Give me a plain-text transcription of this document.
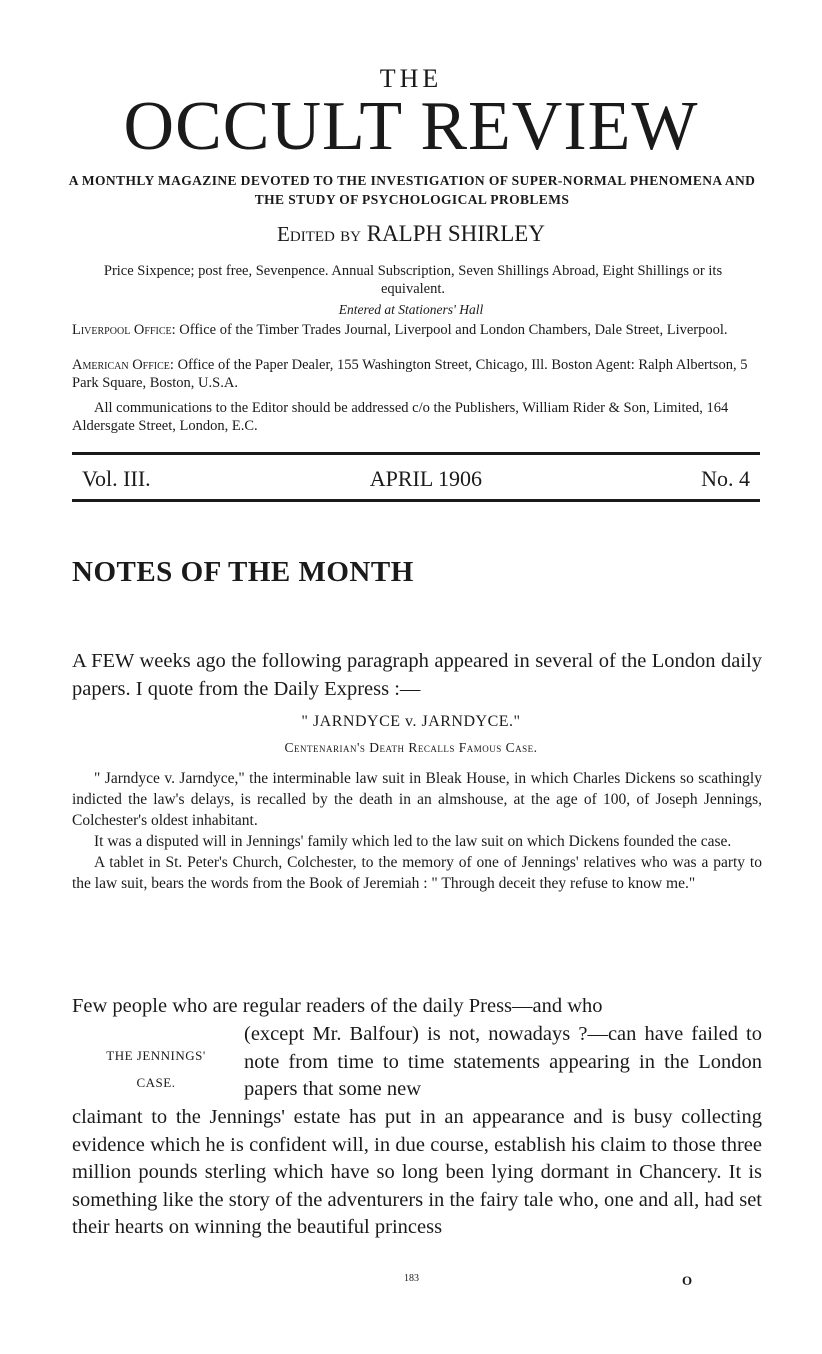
THE
OCCULT REVIEW
A MONTHLY MAGAZINE DEVOTED TO THE INVESTIGATION OF SUPER-NORMAL PHENOMENA AND THE STUDY OF PSYCHOLOGICAL PROBLEMS
Edited by RALPH SHIRLEY
Price Sixpence; post free, Sevenpence. Annual Subscription, Seven Shillings Abroad, Eight Shillings or its equivalent.
Entered at Stationers' Hall
Liverpool Office: Office of the Timber Trades Journal, Liverpool and London Chambers, Dale Street, Liverpool.
American Office: Office of the Paper Dealer, 155 Washington Street, Chicago, Ill. Boston Agent: Ralph Albertson, 5 Park Square, Boston, U.S.A.
All communications to the Editor should be addressed c/o the Publishers, William Rider & Son, Limited, 164 Aldersgate Street, London, E.C.
Vol. III.	APRIL 1906	No. 4
NOTES OF THE MONTH
A FEW weeks ago the following paragraph appeared in several of the London daily papers. I quote from the Daily Express :—
" JARNDYCE v. JARNDYCE."
Centenarian's Death Recalls Famous Case.

" Jarndyce v. Jarndyce," the interminable law suit in Bleak House, in which Charles Dickens so scathingly indicted the law's delays, is recalled by the death in an almshouse, at the age of 100, of Joseph Jennings, Colchester's oldest inhabitant.

It was a disputed will in Jennings' family which led to the law suit on which Dickens founded the case.

A tablet in St. Peter's Church, Colchester, to the memory of one of Jennings' relatives who was a party to the law suit, bears the words from the Book of Jeremiah : " Through deceit they refuse to know me."

Few people who are regular readers of the daily Press—and who
THE JENNINGS'
CASE.
(except Mr. Balfour) is not, nowadays ?—can have failed to note from time to time statements appearing in the London papers that some new
claimant to the Jennings' estate has put in an appearance and is busy collecting evidence which he is confident will, in due course, establish his claim to those three million pounds sterling which have so long been lying dormant in Chancery. It is something like the story of the adventurers in the fairy tale who, one and all, had set their hearts on winning the beautiful princess
183	O
